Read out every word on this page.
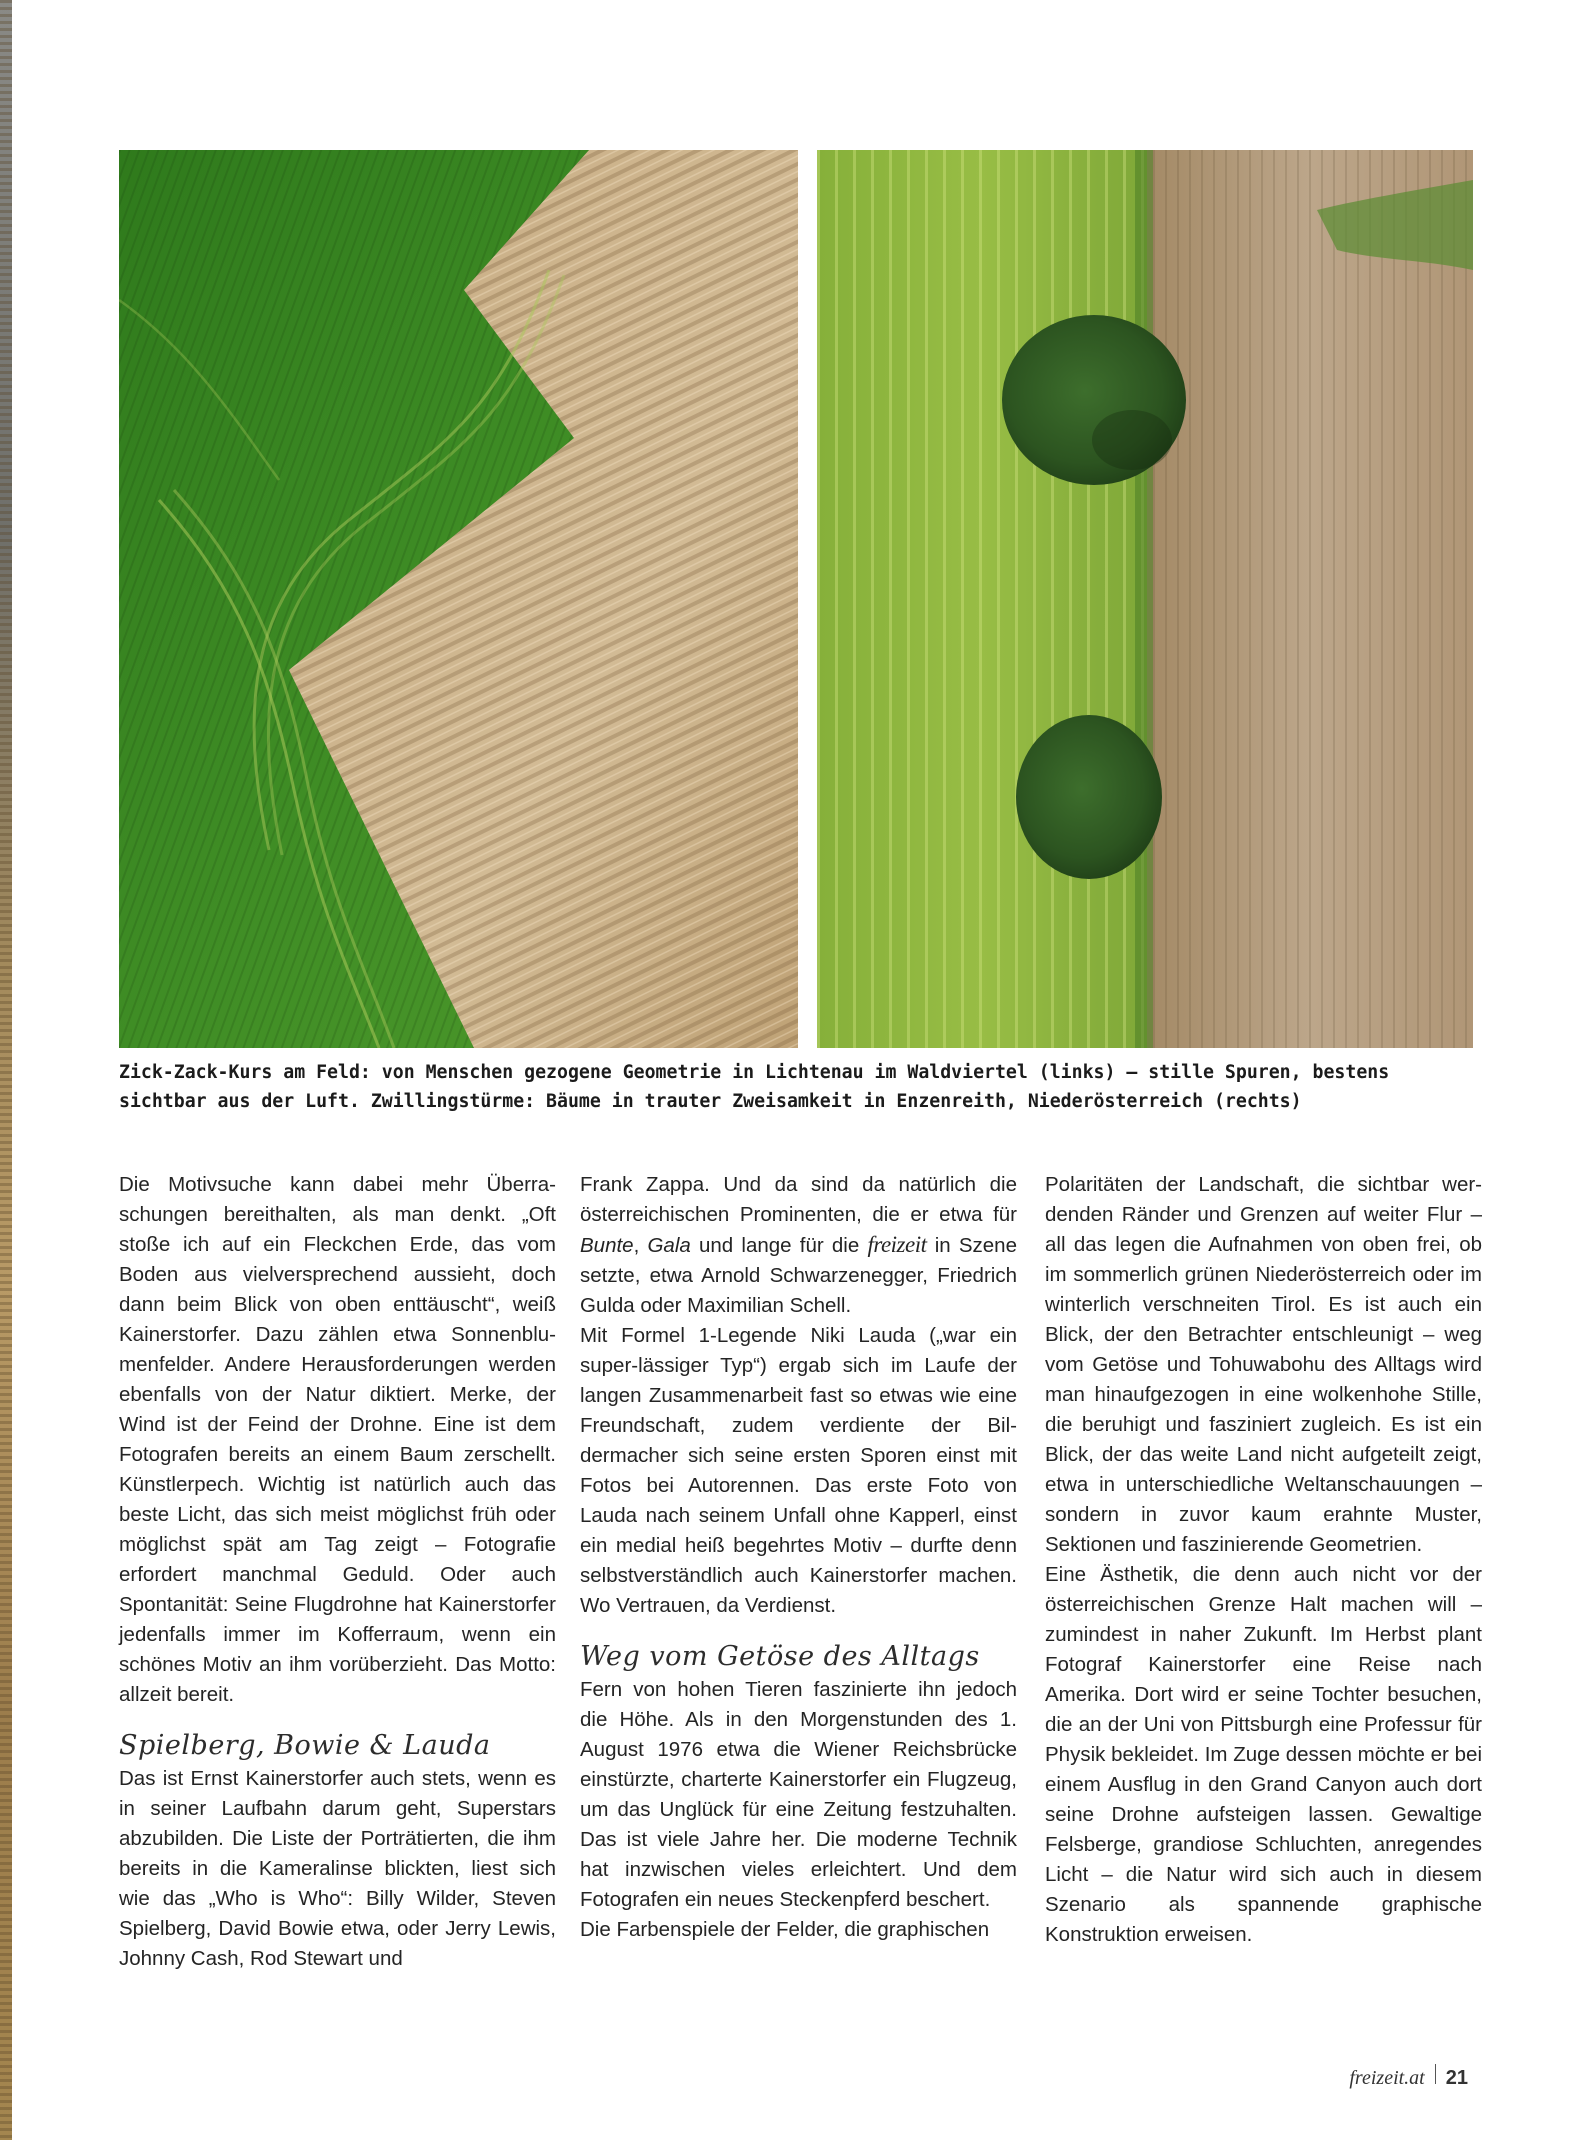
Zick-Zack-Kurs am Feld: von Menschen gezogene Geometrie in Lichtenau im Waldviertel (links) – stille Spuren, bestens sichtbar aus der Luft. Zwillingstürme: Bäume in trauter Zweisamkeit in Enzenreith, Niederösterreich (rechts)

Die Motivsuche kann dabei mehr Überraschungen bereithalten, als man denkt. „Oft stoße ich auf ein Fleckchen Erde, das vom Boden aus vielversprechend aussieht, doch dann beim Blick von oben enttäuscht“, weiß Kainerstorfer. Dazu zählen etwa Sonnenblumenfelder. Andere Herausforderungen werden ebenfalls von der Natur diktiert. Merke, der Wind ist der Feind der Drohne. Eine ist dem Fotografen bereits an einem Baum zerschellt. Künstlerpech. Wichtig ist natürlich auch das beste Licht, das sich meist möglichst früh oder möglichst spät am Tag zeigt – Fotografie erfordert manchmal Geduld. Oder auch Spontanität: Seine Flugdrohne hat Kainerstorfer jedenfalls immer im Kofferraum, wenn ein schönes Motiv an ihm vorüberzieht. Das Motto: allzeit bereit.

Spielberg, Bowie & Lauda

Das ist Ernst Kainerstorfer auch stets, wenn es in seiner Laufbahn darum geht, Superstars abzubilden. Die Liste der Porträtierten, die ihm bereits in die Kameralinse blickten, liest sich wie das „Who is Who“: Billy Wilder, Steven Spielberg, David Bowie etwa, oder Jerry Lewis, Johnny Cash, Rod Stewart und

Frank Zappa. Und da sind da natürlich die österreichischen Prominenten, die er etwa für Bunte, Gala und lange für die freizeit in Szene setzte, etwa Arnold Schwarzenegger, Friedrich Gulda oder Maximilian Schell.

Mit Formel 1-Legende Niki Lauda („war ein super-lässiger Typ“) ergab sich im Laufe der langen Zusammenarbeit fast so etwas wie eine Freundschaft, zudem verdiente der Bildermacher sich seine ersten Sporen einst mit Fotos bei Autorennen. Das erste Foto von Lauda nach seinem Unfall ohne Kapperl, einst ein medial heiß begehrtes Motiv – durfte denn selbstverständlich auch Kainerstorfer machen. Wo Vertrauen, da Verdienst.

Weg vom Getöse des Alltags

Fern von hohen Tieren faszinierte ihn jedoch die Höhe. Als in den Morgenstunden des 1. August 1976 etwa die Wiener Reichsbrücke einstürzte, charterte Kainerstorfer ein Flugzeug, um das Unglück für eine Zeitung festzuhalten. Das ist viele Jahre her. Die moderne Technik hat inzwischen vieles erleichtert. Und dem Fotografen ein neues Steckenpferd beschert.

Die Farbenspiele der Felder, die graphischen

Polaritäten der Landschaft, die sichtbar werdenden Ränder und Grenzen auf weiter Flur – all das legen die Aufnahmen von oben frei, ob im sommerlich grünen Niederösterreich oder im winterlich verschneiten Tirol. Es ist auch ein Blick, der den Betrachter entschleunigt – weg vom Getöse und Tohuwabohu des Alltags wird man hinaufgezogen in eine wolkenhohe Stille, die beruhigt und fasziniert zugleich. Es ist ein Blick, der das weite Land nicht aufgeteilt zeigt, etwa in unterschiedliche Weltanschauungen – sondern in zuvor kaum erahnte Muster, Sektionen und faszinierende Geometrien.

Eine Ästhetik, die denn auch nicht vor der österreichischen Grenze Halt machen will – zumindest in naher Zukunft. Im Herbst plant Fotograf Kainerstorfer eine Reise nach Amerika. Dort wird er seine Tochter besuchen, die an der Uni von Pittsburgh eine Professur für Physik bekleidet. Im Zuge dessen möchte er bei einem Ausflug in den Grand Canyon auch dort seine Drohne aufsteigen lassen. Gewaltige Felsberge, grandiose Schluchten, anregendes Licht – die Natur wird sich auch in diesem Szenario als spannende graphische Konstruktion erweisen.

freizeit.at 21
